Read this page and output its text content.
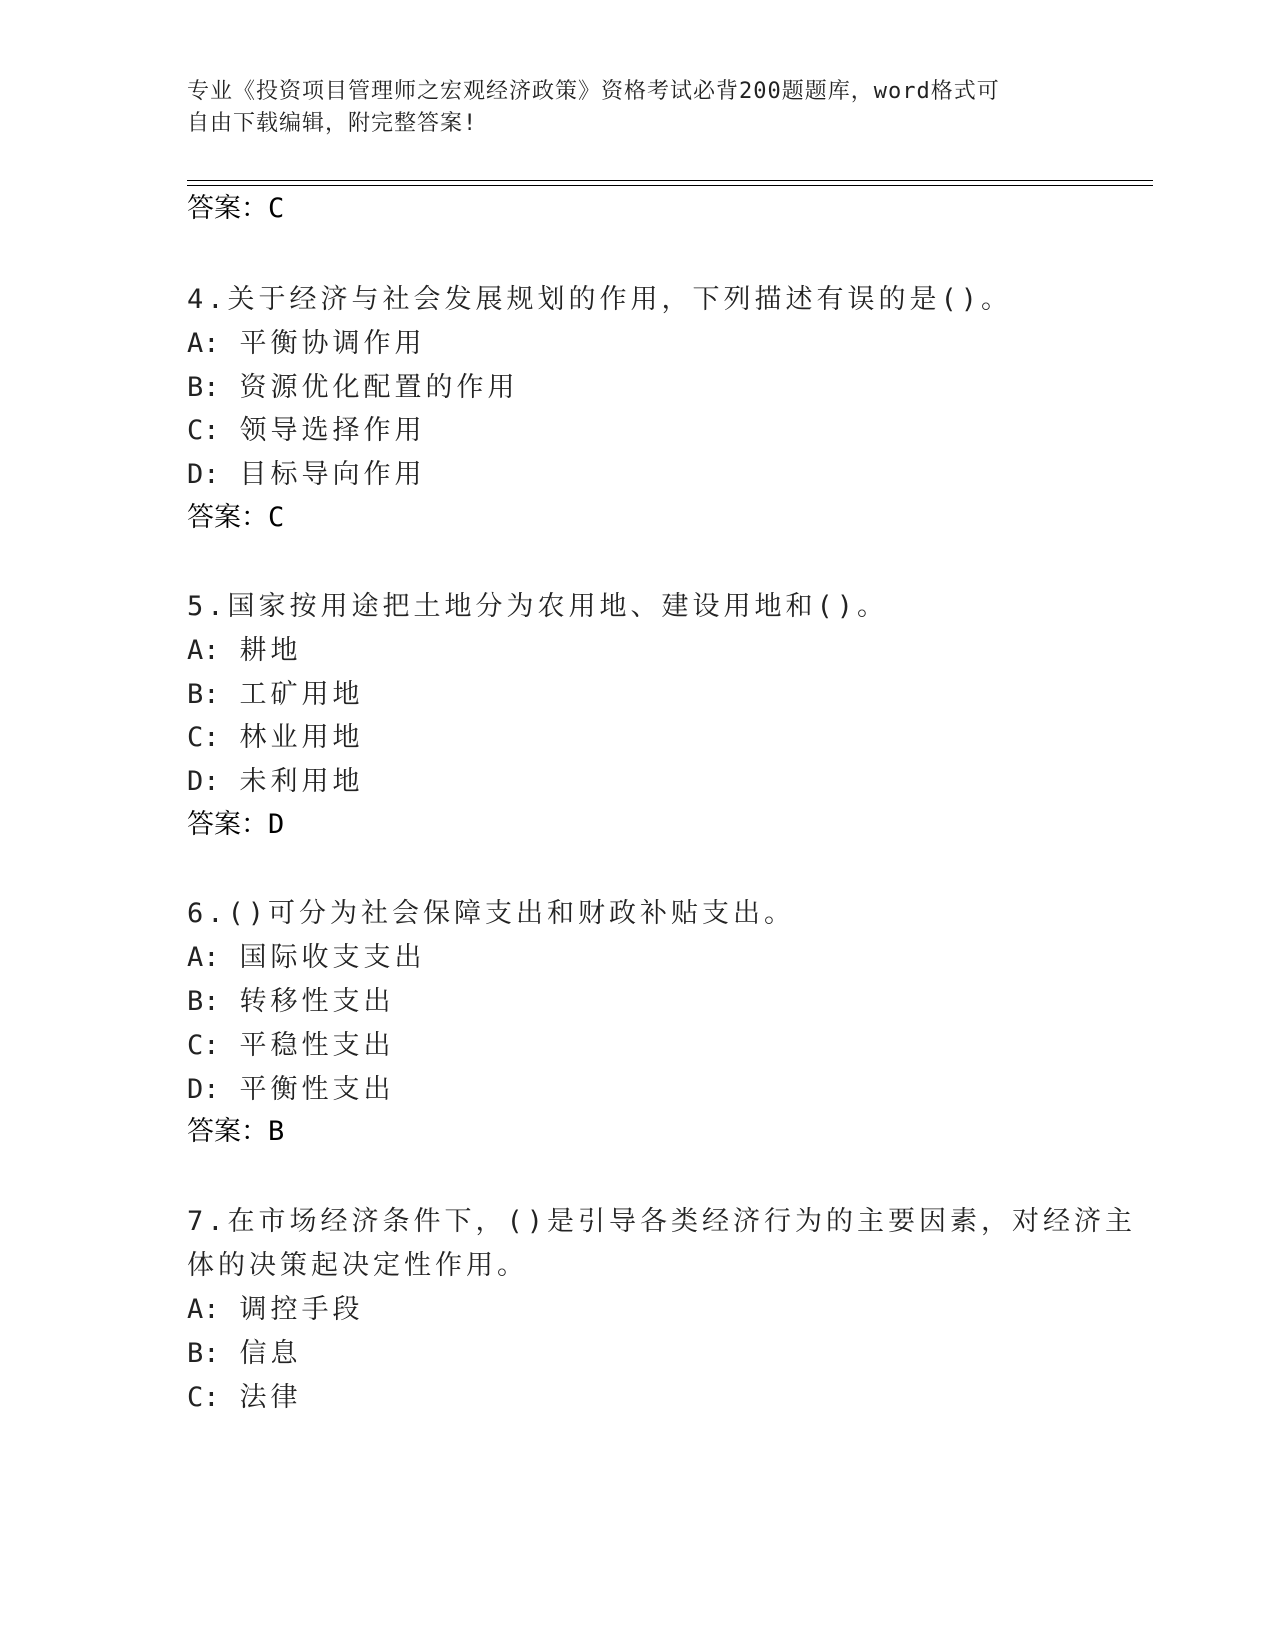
专业《投资项目管理师之宏观经济政策》资格考试必背200题题库，word格式可
自由下载编辑，附完整答案!
答案：C
4.关于经济与社会发展规划的作用，下列描述有误的是()。
A: 平衡协调作用
B: 资源优化配置的作用
C: 领导选择作用
D: 目标导向作用
答案：C
5.国家按用途把土地分为农用地、建设用地和()。
A: 耕地
B: 工矿用地
C: 林业用地
D: 未利用地
答案：D
6.()可分为社会保障支出和财政补贴支出。
A: 国际收支支出
B: 转移性支出
C: 平稳性支出
D: 平衡性支出
答案：B
7.在市场经济条件下，()是引导各类经济行为的主要因素，对经济主
体的决策起决定性作用。
A: 调控手段
B: 信息
C: 法律
